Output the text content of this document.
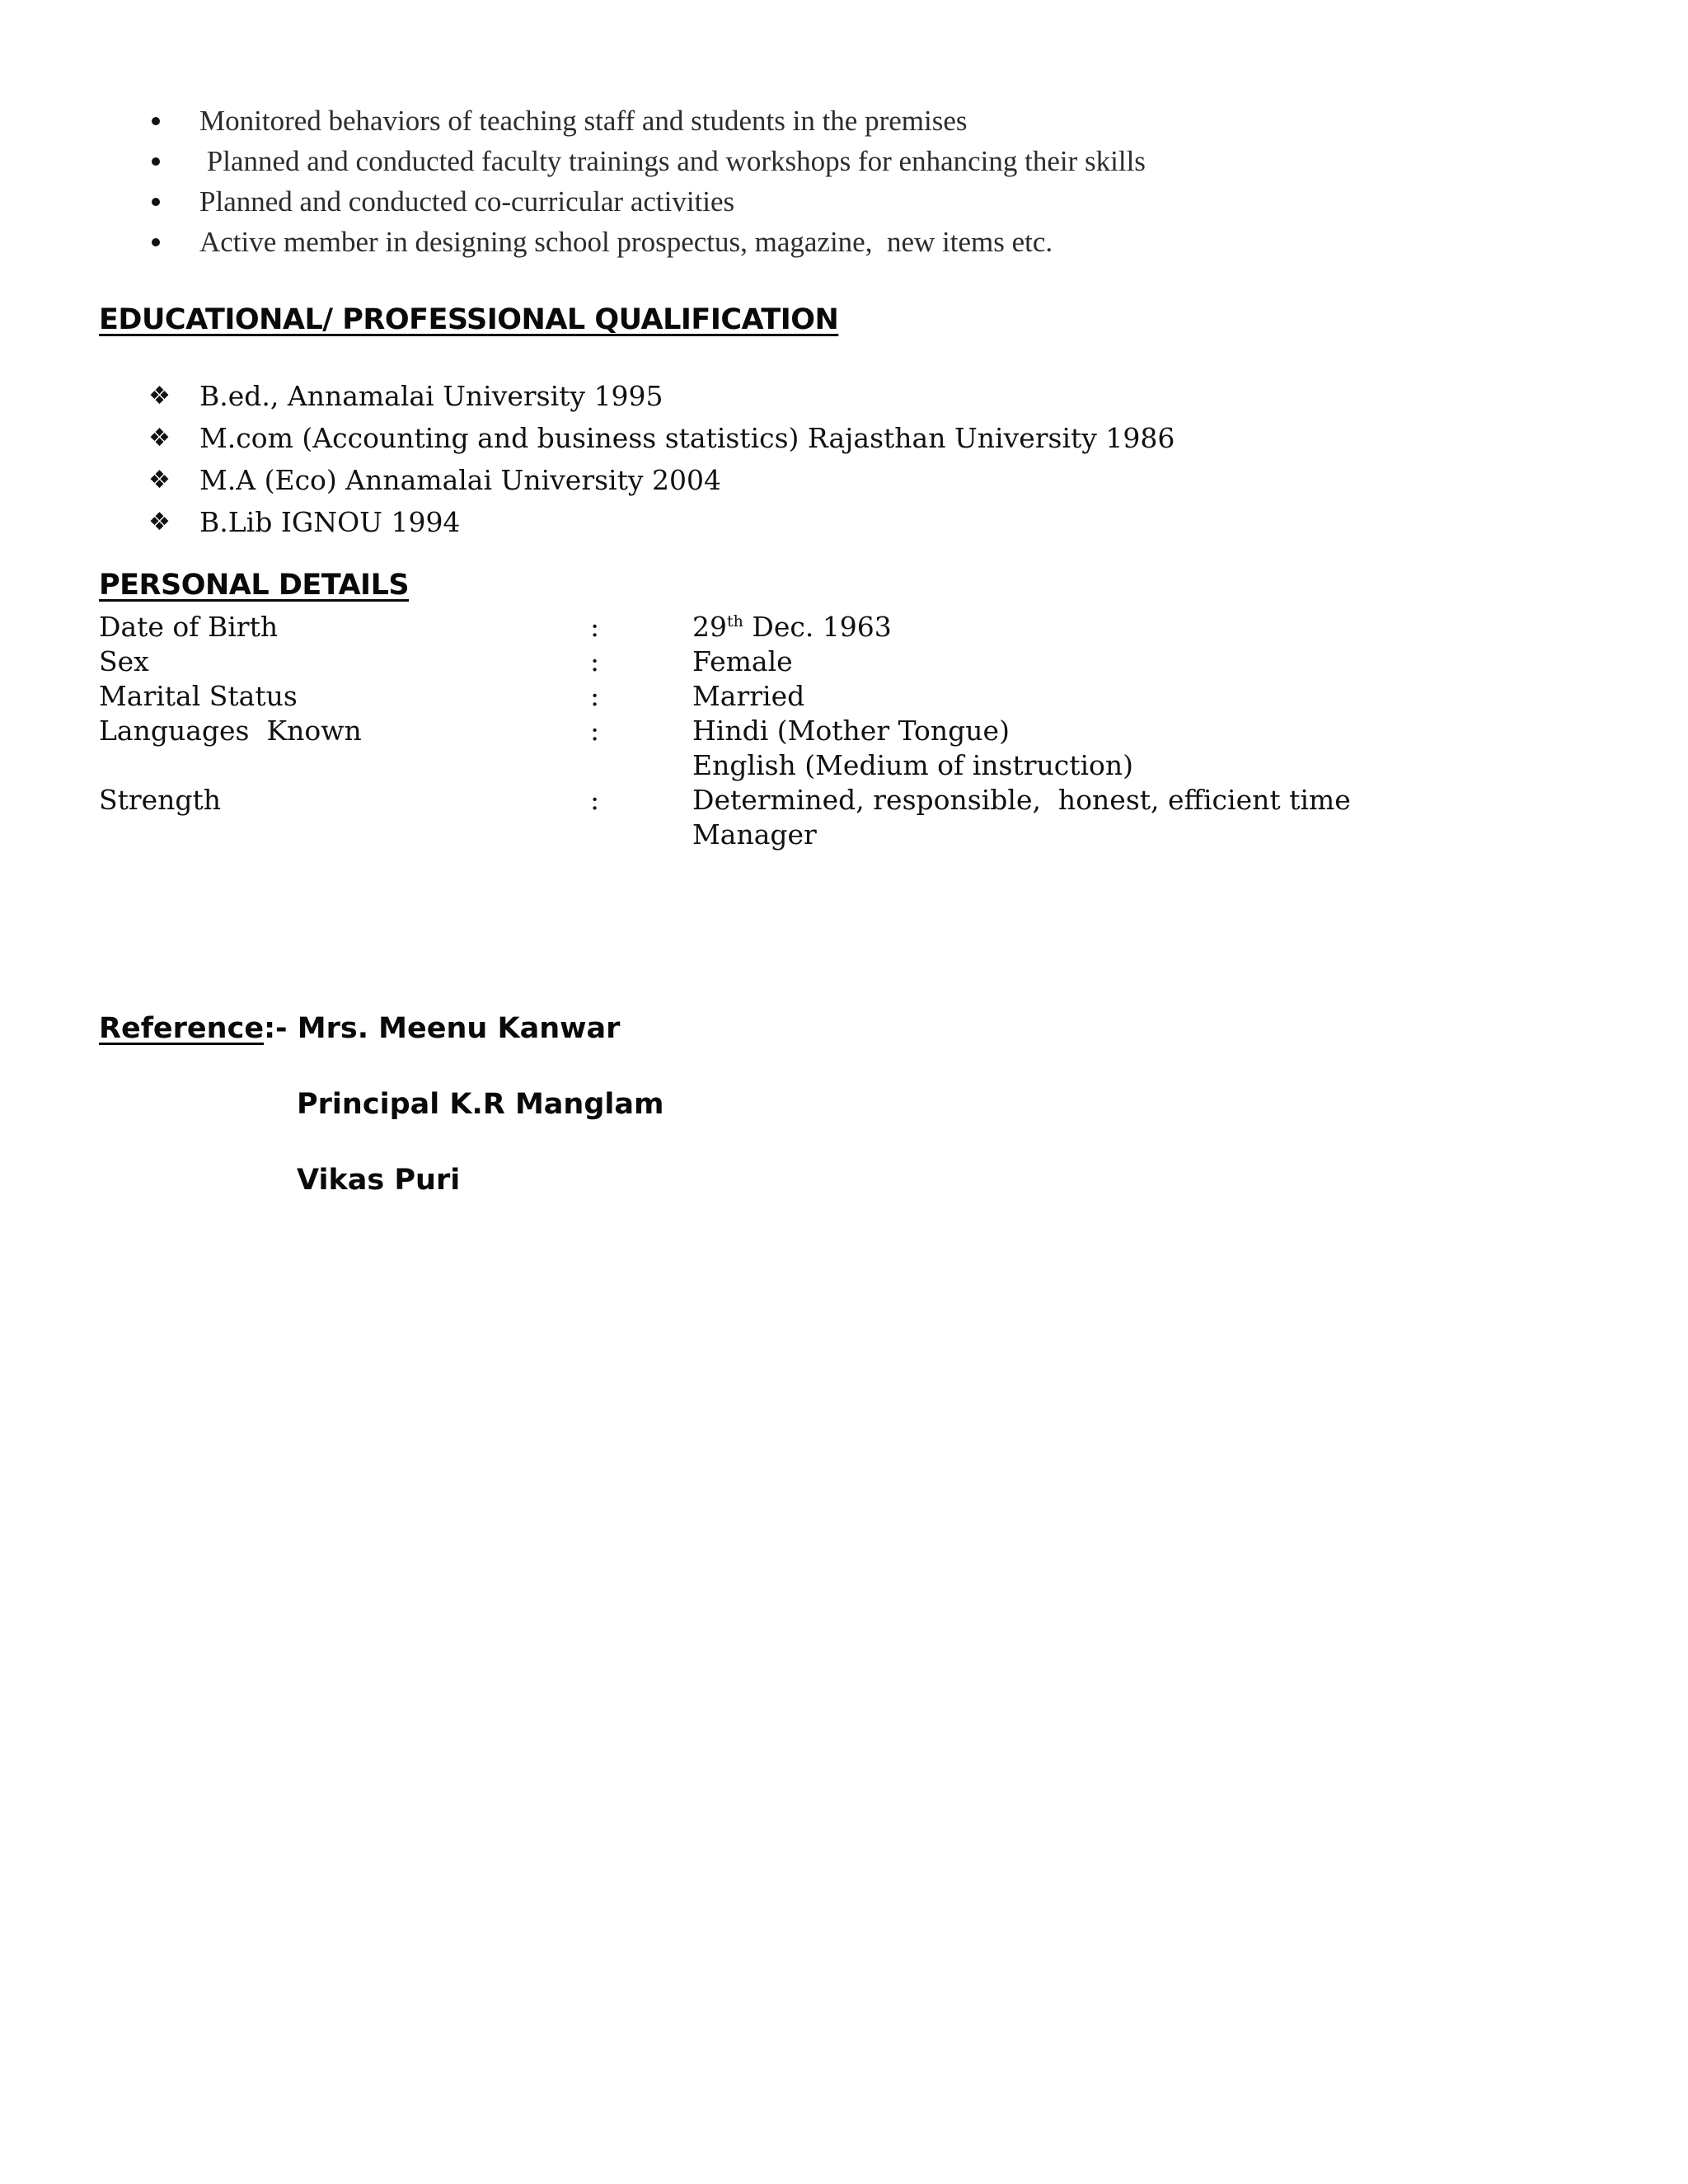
Monitored behaviors of teaching staff and students in the premises
Planned and conducted faculty trainings and workshops for enhancing their skills
Planned and conducted co-curricular activities
Active member in designing school prospectus, magazine,  new items etc.
EDUCATIONAL/ PROFESSIONAL QUALIFICATION
❖ B.ed., Annamalai University 1995
❖ M.com (Accounting and business statistics) Rajasthan University 1986
❖ M.A (Eco) Annamalai University 2004
❖ B.Lib IGNOU 1994
PERSONAL DETAILS
Date of Birth	:	29th Dec. 1963
Sex	:	Female
Marital Status	:	Married
Languages  Known	:	Hindi (Mother Tongue)
English (Medium of instruction)
Strength	:	Determined, responsible,  honest, efficient time
Manager
Reference:- Mrs. Meenu Kanwar
Principal K.R Manglam
Vikas Puri
